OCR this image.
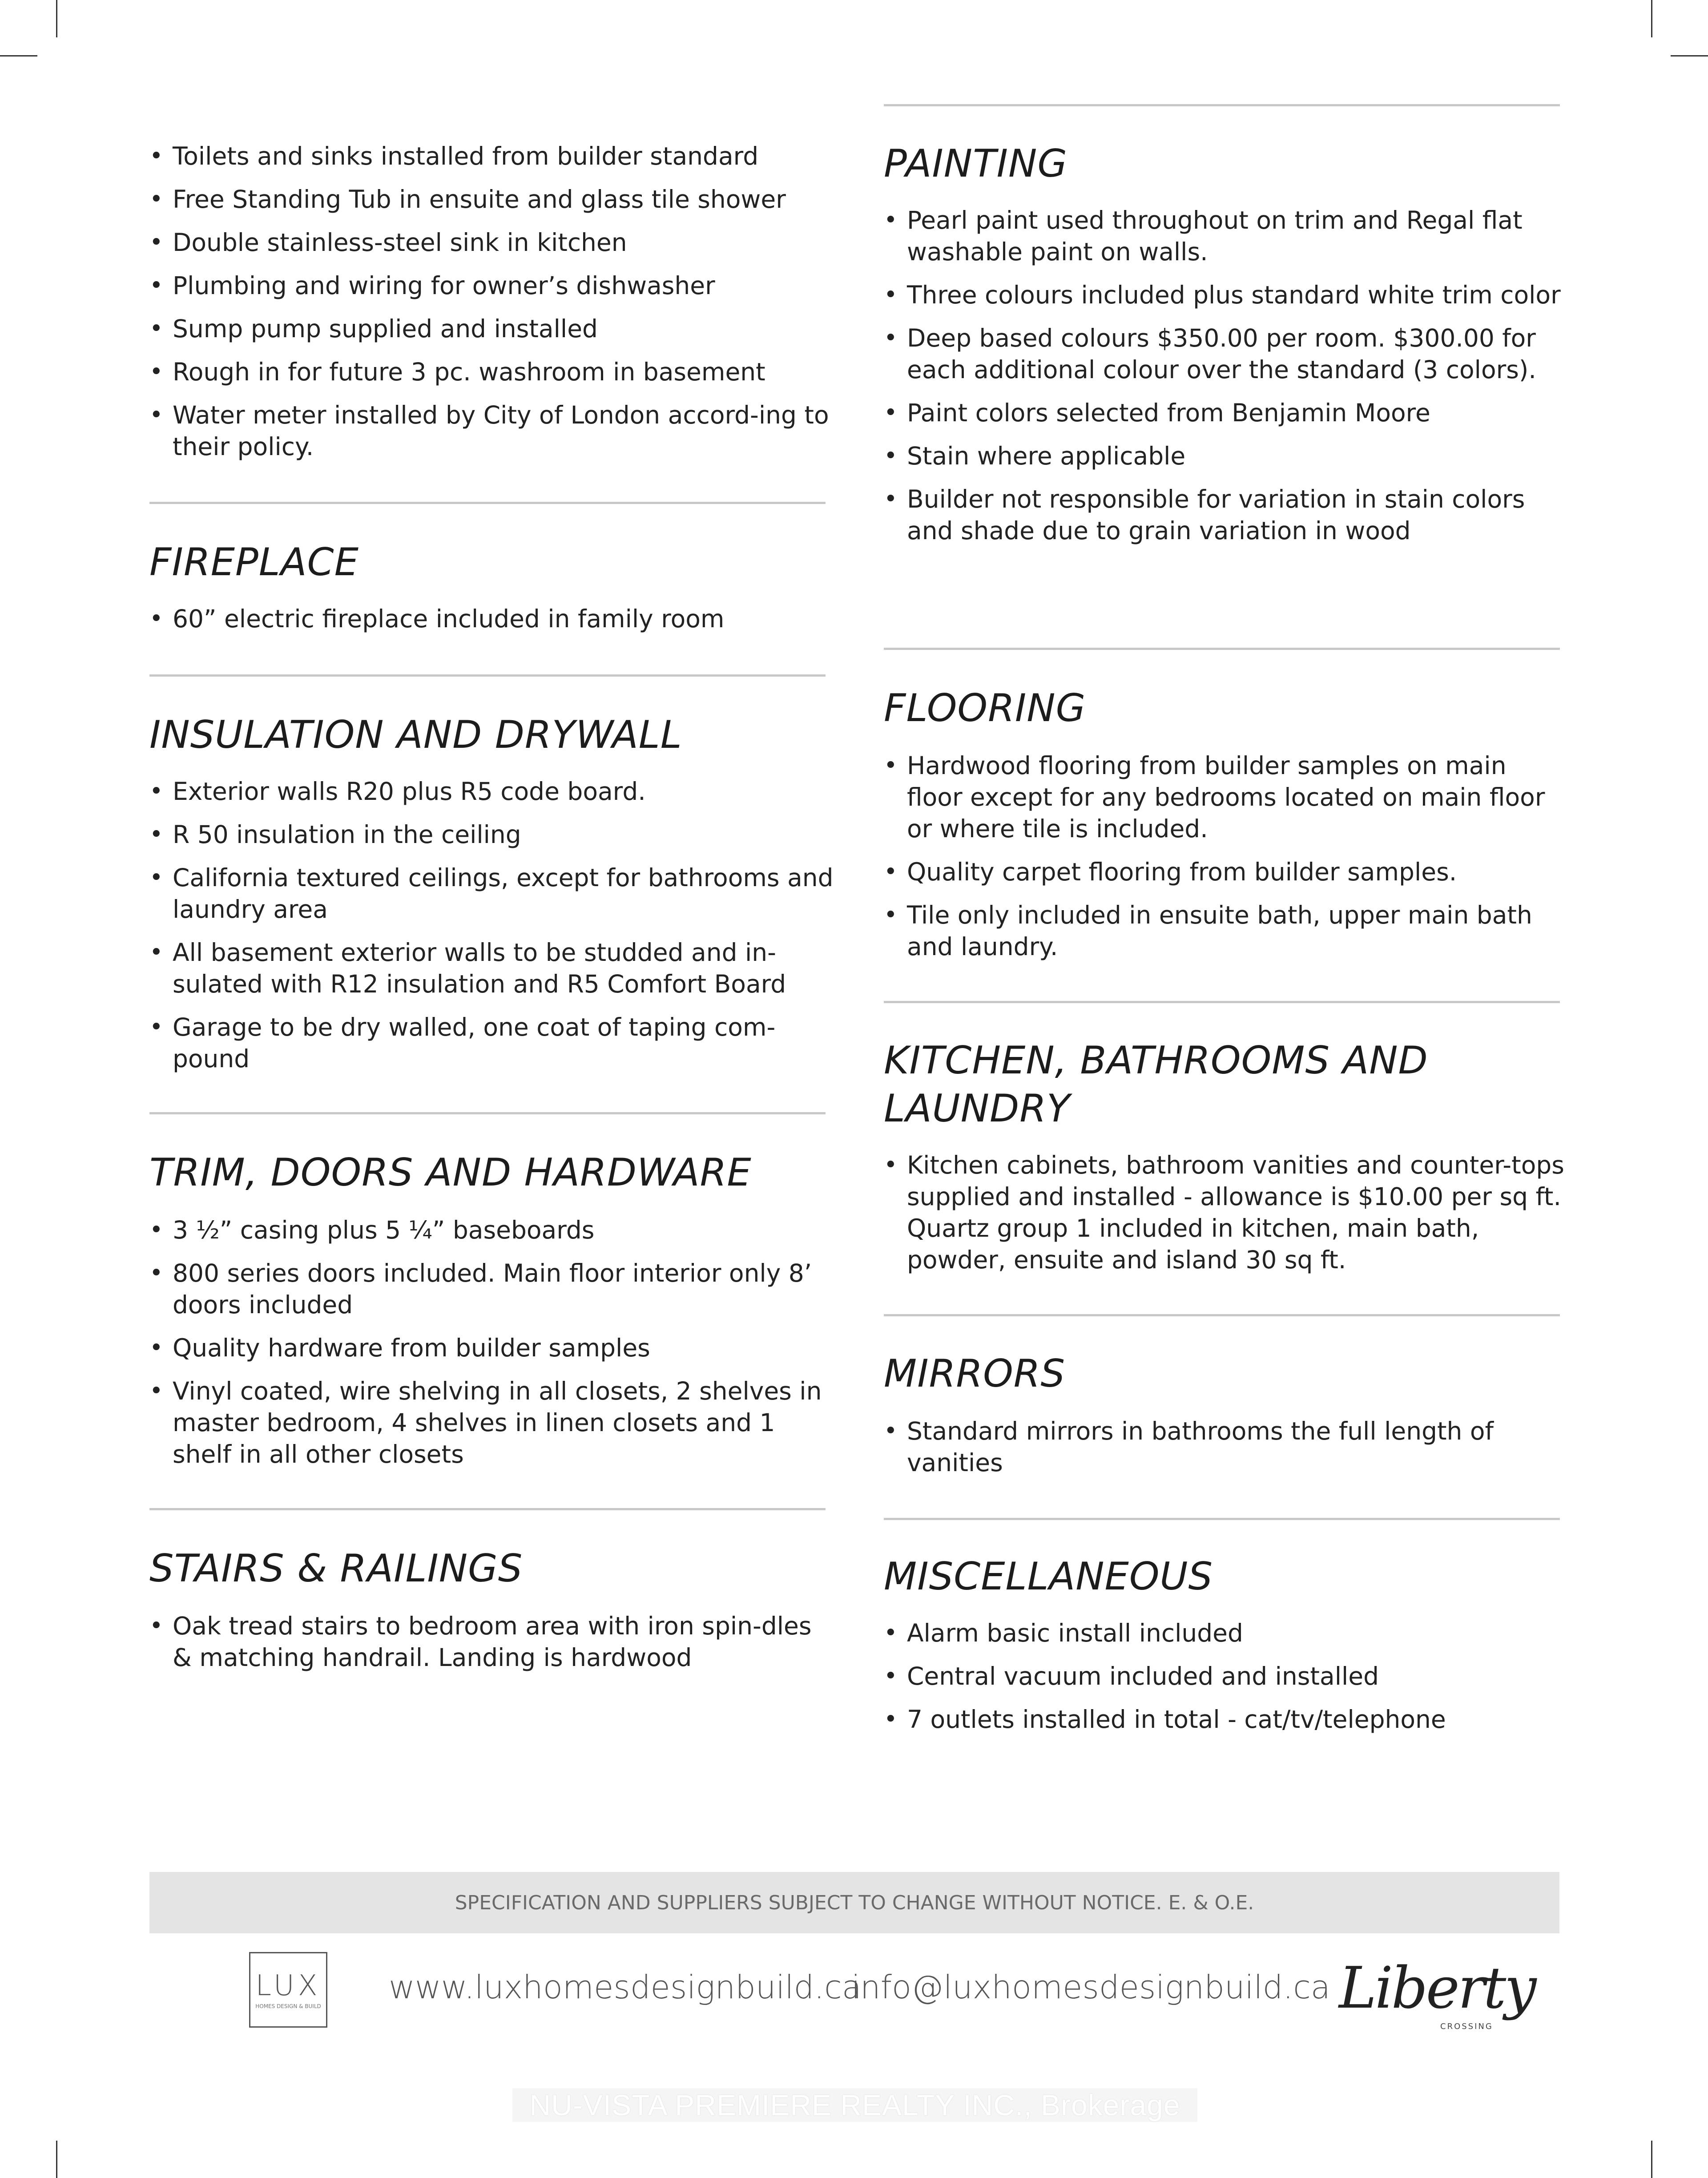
• Toilets and sinks installed from builder standard
• Free Standing Tub in ensuite and glass tile shower
• Double stainless-steel sink in kitchen
• Plumbing and wiring for owner’s dishwasher
• Sump pump supplied and installed
• Rough in for future 3 pc. washroom in basement
• Water meter installed by City of London accord-ing to their policy.
FIREPLACE
• 60” electric fireplace included in family room
INSULATION AND DRYWALL
• Exterior walls R20 plus R5 code board.
• R 50 insulation in the ceiling
• California textured ceilings, except for bathrooms and laundry area
• All basement exterior walls to be studded and in-sulated with R12 insulation and R5 Comfort Board
• Garage to be dry walled, one coat of taping com-pound
TRIM, DOORS AND HARDWARE
• 3 ½” casing plus 5 ¼” baseboards
• 800 series doors included. Main floor interior only 8’ doors included
• Quality hardware from builder samples
• Vinyl coated, wire shelving in all closets, 2 shelves in master bedroom, 4 shelves in linen closets and 1 shelf in all other closets
STAIRS & RAILINGS
• Oak tread stairs to bedroom area with iron spin-dles & matching handrail. Landing is hardwood
PAINTING
• Pearl paint used throughout on trim and Regal flat washable paint on walls.
• Three colours included plus standard white trim color
• Deep based colours $350.00 per room. $300.00 for each additional colour over the standard (3 colors).
• Paint colors selected from Benjamin Moore
• Stain where applicable
• Builder not responsible for variation in stain colors and shade due to grain variation in wood
FLOORING
• Hardwood flooring from builder samples on main floor except for any bedrooms located on main floor or where tile is included.
• Quality carpet flooring from builder samples.
• Tile only included in ensuite bath, upper main bath and laundry.
KITCHEN, BATHROOMS AND LAUNDRY
• Kitchen cabinets, bathroom vanities and counter-tops supplied and installed - allowance is $10.00 per sq ft. Quartz group 1 included in kitchen, main bath, powder, ensuite and island 30 sq ft.
MIRRORS
• Standard mirrors in bathrooms the full length of vanities
MISCELLANEOUS
• Alarm basic install included
• Central vacuum included and installed
• 7 outlets installed in total - cat/tv/telephone
SPECIFICATION AND SUPPLIERS SUBJECT TO CHANGE WITHOUT NOTICE. E. & O.E.
LUX
HOMES DESIGN & BUILD
www.luxhomesdesignbuild.ca
info@luxhomesdesignbuild.ca Liberty
CROSSING
NU-VISTA PREMIERE REALTY INC., Brokerage
